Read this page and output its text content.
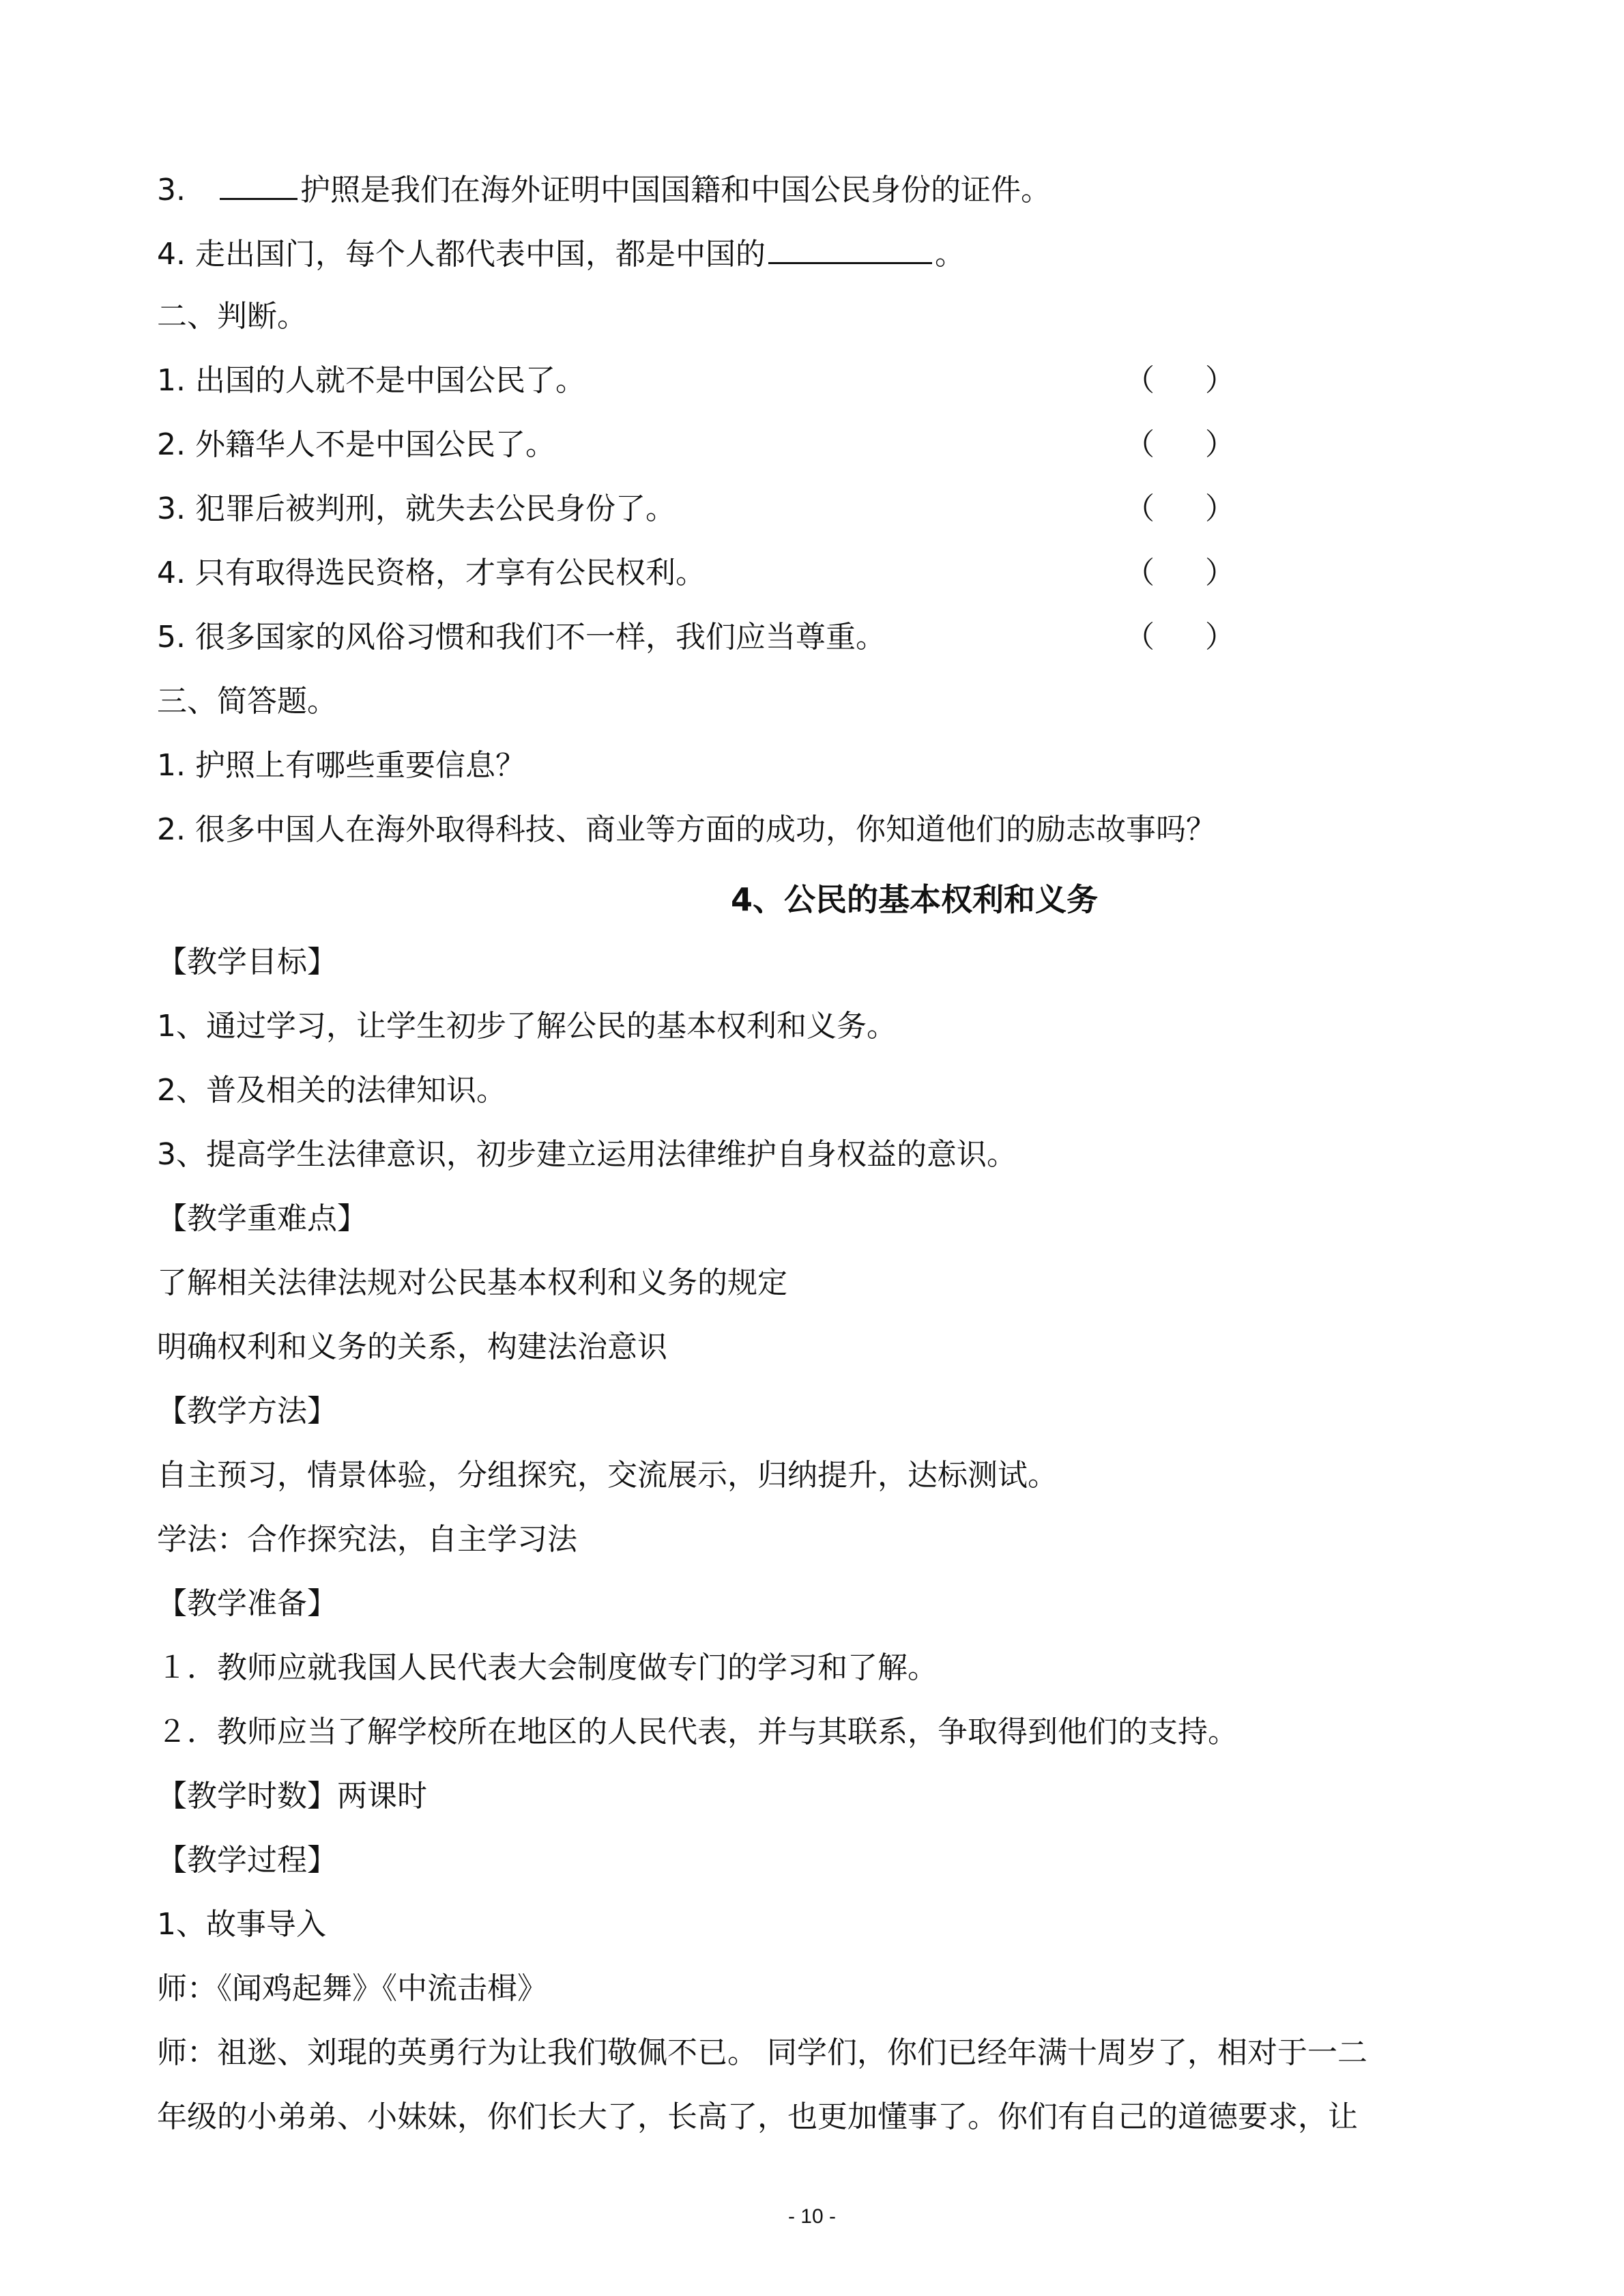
3.	护照是我们在海外证明中国国籍和中国公民身份的证件。
4. 走出国门，每个人都代表中国，都是中国的	。
二、判断。
1. 出国的人就不是中国公民了。	（ ）
2. 外籍华人不是中国公民了。	（ ）
3. 犯罪后被判刑，就失去公民身份了。	（ ）
4. 只有取得选民资格，才享有公民权利。	（ ）
5. 很多国家的风俗习惯和我们不一样，我们应当尊重。	（ ）
三、简答题。
1. 护照上有哪些重要信息？
2. 很多中国人在海外取得科技、商业等方面的成功，你知道他们的励志故事吗？
4、公民的基本权利和义务
【教学目标】
1、通过学习，让学生初步了解公民的基本权利和义务。
2、普及相关的法律知识。
3、提高学生法律意识，初步建立运用法律维护自身权益的意识。
【教学重难点】
了解相关法律法规对公民基本权利和义务的规定
明确权利和义务的关系，构建法治意识
【教学方法】
自主预习，情景体验，分组探究，交流展示，归纳提升，达标测试。
学法：合作探究法，自主学习法
【教学准备】
１．教师应就我国人民代表大会制度做专门的学习和了解。
２．教师应当了解学校所在地区的人民代表，并与其联系，争取得到他们的支持。
【教学时数】两课时
【教学过程】
1、故事导入
师：《闻鸡起舞》《中流击楫》
师：祖逖、刘琨的英勇行为让我们敬佩不已。 同学们，你们已经年满十周岁了，相对于一二
年级的小弟弟、小妹妹，你们长大了，长高了，也更加懂事了。你们有自己的道德要求，让
- 10 -
